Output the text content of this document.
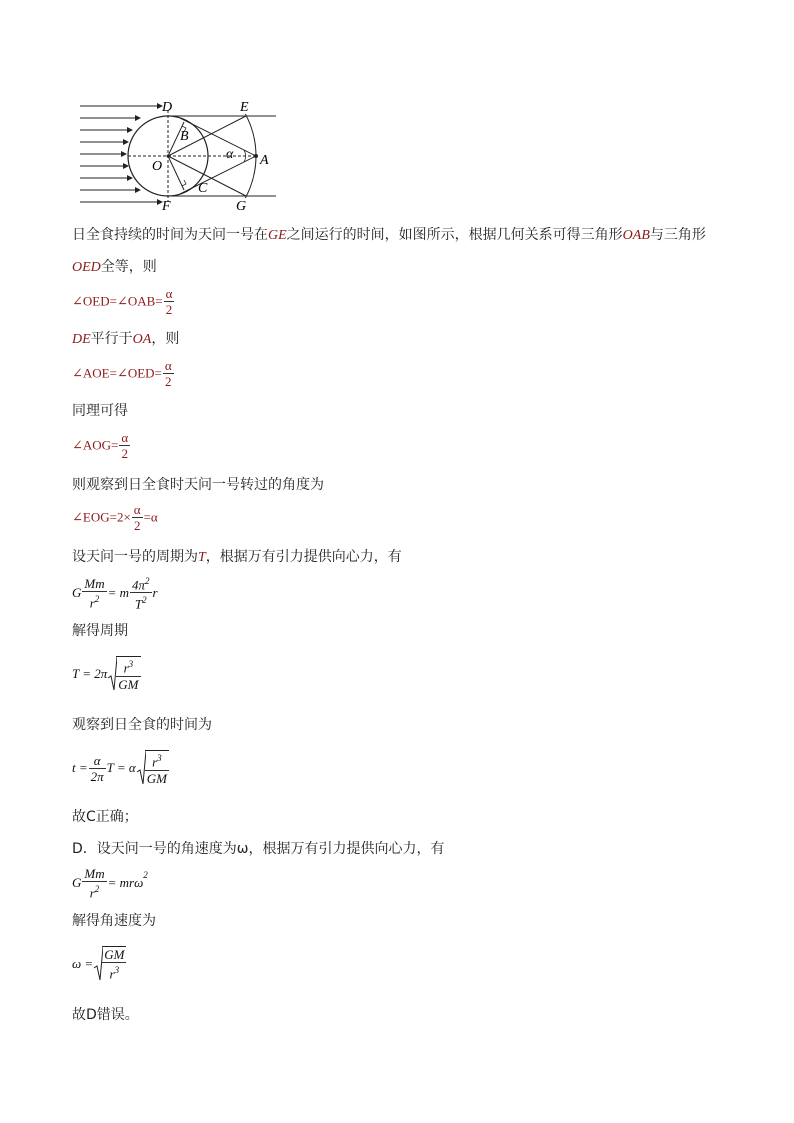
D	E
B
O
α A
C
F	G
日全食持续的时间为天问一号在GE之间运行的时间，如图所示，根据几何关系可得三角形OAB与三角形
OED全等，则
∠OED=∠OAB= $\frac{\alpha}{2}$
DE平行于OA，则
∠AOE=∠OED= $\frac{\alpha}{2}$
同理可得
∠AOG= $\frac{\alpha}{2}$
则观察到日全食时天问一号转过的角度为
∠EOG=2× $\frac{\alpha}{2} =\alpha$
设天问一号的周期为T，根据万有引力提供向心力，有
G $\frac{Mm}{r^2} = m \frac{4\pi^2}{T^2}$ r
解得周期
$T = 2\pi \frac{r^3}{GM}$
观察到日全食的时间为
$t = \frac{\alpha}{2\pi}$ T = α $\frac{r^3}{GM}$
故C正确；
D．设天问一号的角速度为ω，根据万有引力提供向心力，有
G $\frac{Mm}{r^2} = mr\omega^2$
解得角速度为
$\omega = \frac{GM}{r^3}$
故D错误。
